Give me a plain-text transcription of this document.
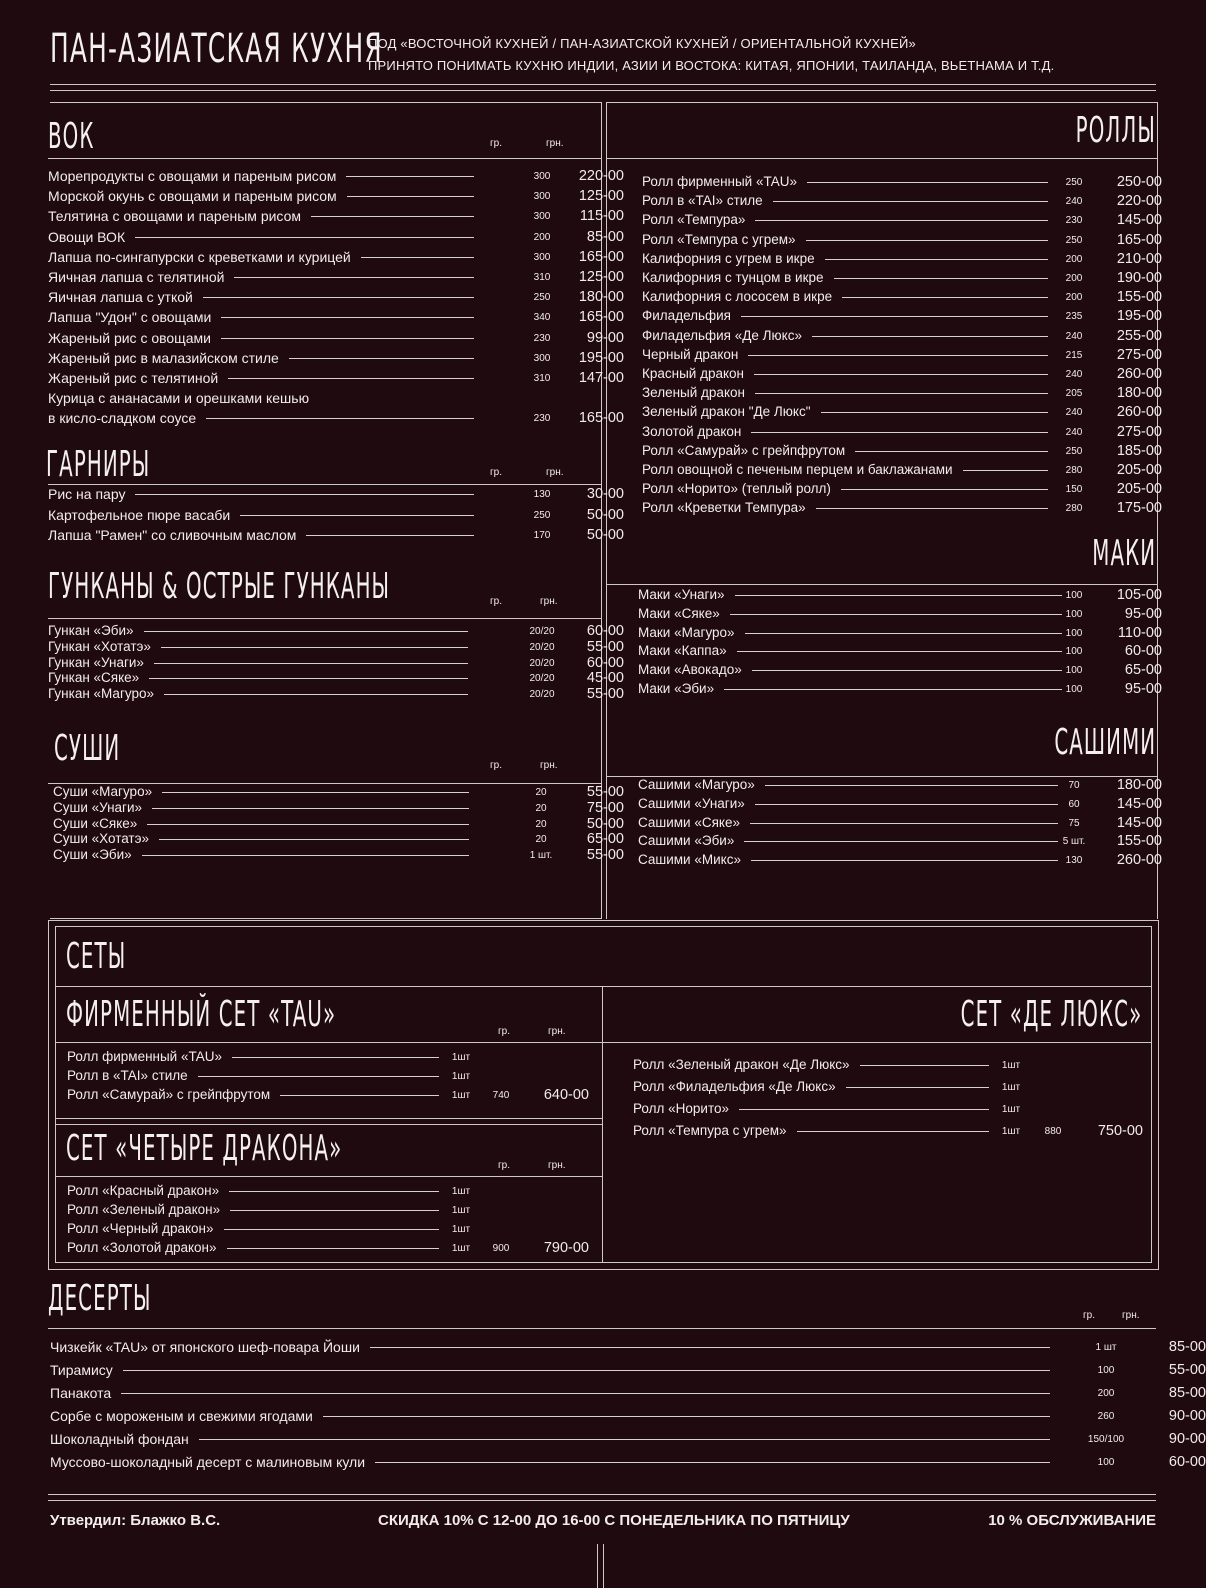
ПАН-АЗИАТСКАЯ КУХНЯ
ПОД «ВОСТОЧНОЙ КУХНЕЙ / ПАН-АЗИАТСКОЙ КУХНЕЙ / ОРИЕНТАЛЬНОЙ КУХНЕЙ»
ПРИНЯТО ПОНИМАТЬ КУХНЮ ИНДИИ, АЗИИ И ВОСТОКА: КИТАЯ, ЯПОНИИ, ТАИЛАНДА, ВЬЕТНАМА И Т.Д.
ВОК	гр.	грн.
Морепродукты с овощами и пареным рисом	300	220-00
Морской окунь с овощами и пареным рисом	300	125-00
Телятина с овощами и пареным рисом	300	115-00
Овощи ВОК	200	85-00
Лапша по-сингапурски с креветками и курицей	300	165-00
Яичная лапша с телятиной	310	125-00
Яичная лапша с уткой	250	180-00
Лапша "Удон" с овощами	340	165-00
Жареный рис с овощами	230	99-00
Жареный рис в малазийском стиле	300	195-00
Жареный рис с телятиной	310	147-00
Курица с ананасами и орешками кешью
в кисло-сладком соусе	230	165-00
ГАРНИРЫ	гр.	грн.
Рис на пару	130	30-00
Картофельное пюре васаби	250	50-00
Лапша "Рамен" со сливочным маслом	170	50-00
ГУНКАНЫ & ОСТРЫЕ ГУНКАНЫ	гр.	грн.
Гункан «Эби»	20/20	60-00
Гункан «Хотатэ»	20/20	55-00
Гункан «Унаги»	20/20	60-00
Гункан «Сяке»	20/20	45-00
Гункан «Магуро»	20/20	55-00
СУШИ	гр.	грн.
Суши «Магуро»	20	55-00
Суши «Унаги»	20	75-00
Суши «Сяке»	20	50-00
Суши «Хотатэ»	20	65-00
Суши «Эби»	1 шт.	55-00
РОЛЛЫ
Ролл фирменный «TAU»	250	250-00
Ролл в «TAI» стиле	240	220-00
Ролл «Темпура»	230	145-00
Ролл «Темпура с угрем»	250	165-00
Калифорния с угрем в икре	200	210-00
Калифорния с тунцом в икре	200	190-00
Калифорния с лососем в икре	200	155-00
Филадельфия	235	195-00
Филадельфия «Де Люкс»	240	255-00
Черный дракон	215	275-00
Красный дракон	240	260-00
Зеленый дракон	205	180-00
Зеленый дракон "Де Люкс"	240	260-00
Золотой дракон	240	275-00
Ролл «Самурай» с грейпфрутом	250	185-00
Ролл овощной с печеным перцем и баклажанами	280	205-00
Ролл «Норито» (теплый ролл)	150	205-00
Ролл «Креветки Темпура»	280	175-00
МАКИ
Маки «Унаги»	100	105-00
Маки «Сяке»	100	95-00
Маки «Магуро»	100	110-00
Маки «Каппа»	100	60-00
Маки «Авокадо»	100	65-00
Маки «Эби»	100	95-00
САШИМИ
Сашими «Магуро»	70	180-00
Сашими «Унаги»	60	145-00
Сашими «Сяке»	75	145-00
Сашими «Эби»	5 шт.	155-00
Сашими «Микс»	130	260-00
СЕТЫ
ФИРМЕННЫЙ СЕТ «TAU»	гр.	грн.
Ролл фирменный «TAU»	1шт
Ролл в «TAI» стиле	1шт
Ролл «Самурай» с грейпфрутом	1шт	740	640-00
СЕТ «ЧЕТЫРЕ ДРАКОНА»	гр.	грн.
Ролл «Красный дракон»	1шт
Ролл «Зеленый дракон»	1шт
Ролл «Черный дракон»	1шт
Ролл «Золотой дракон»	1шт	900	790-00
СЕТ «ДЕ ЛЮКС»
Ролл «Зеленый дракон «Де Люкс»	1шт
Ролл «Филадельфия «Де Люкс»	1шт
Ролл «Норито»	1шт
Ролл «Темпура с угрем»	1шт	880	750-00
ДЕСЕРТЫ	гр.	грн.
Чизкейк «TAU» от японского шеф-повара Йоши	1 шт	85-00
Тирамису	100	55-00
Панакота	200	85-00
Сорбе с мороженым и свежими ягодами	260	90-00
Шоколадный фондан	150/100	90-00
Муссово-шоколадный десерт с малиновым кули	100	60-00
Утвердил: Блажко В.С.	СКИДКА 10% С 12-00 ДО 16-00 С ПОНЕДЕЛЬНИКА ПО ПЯТНИЦУ	10 % ОБСЛУЖИВАНИЕ
